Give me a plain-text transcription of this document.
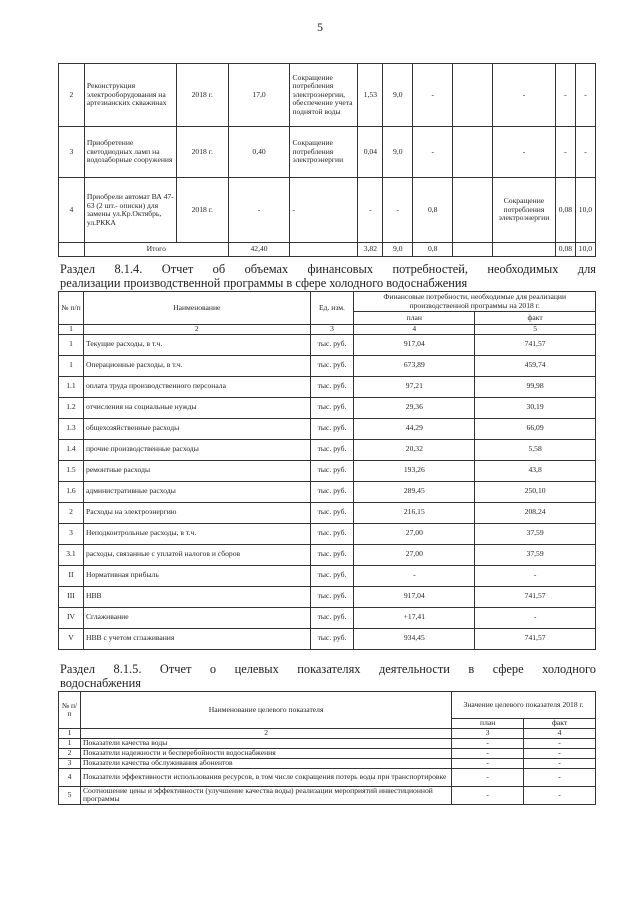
5
2	Реконструкция электрооборудования на артезианских скважинах	2018 г.	17,0	Сокращение потребления электроэнергии, обеспечение учета поднятой воды	1,53	9,0	-		-	-	-
3	Приобретение светодиодных ламп на водозаборные сооружения	2018 г.	0,40	Сокращение потребления электроэнергии	0,04	9,0	-		-	-	-
4	Приобрели автомат ВА 47-63 (2 шт.- описки) для замены ул.Кр.Октябрь, ул.РККА	2018 г.	-	-	-	-	0,8		Сокращение потребления электроэнергии	0,08	10,0
	Итого		42,40		3,82	9,0	0,8			0,08	10,0
Раздел 8.1.4. Отчет об объемах финансовых потребностей, необходимых для
реализации производственной программы в сфере холодного водоснабжения
№ п/п	Наименование	Ед. изм.	Финансовые потребности, необходимые для реализации производственной программы на 2018 г.	
			план	факт
1	2	3	4	5
1	Текущие расходы, в т.ч.	тыс. руб.	917,04	741,57
1	Операционные расходы, в т.ч.	тыс. руб.	673,89	459,74
1.1	оплата труда производственного персонала	тыс. руб.	97,21	99,98
1.2	отчисления на социальные нужды	тыс. руб.	29,36	30,19
1.3	общехозяйственные расходы	тыс. руб.	44,29	66,09
1.4	прочие производственные расходы	тыс. руб.	20,32	5,58
1.5	ремонтные расходы	тыс. руб.	193,26	43,8
1.6	административные расходы	тыс. руб.	289,45	250,10
2	Расходы на электроэнергию	тыс. руб.	216,15	208,24
3	Неподконтрольные расходы, в т.ч.	тыс. руб.	27,00	37,59
3.1	расходы, связанные с уплатой налогов и сборов	тыс. руб.	27,00	37,59
II	Нормативная прибыль	тыс. руб.	-	-
III	НВВ	тыс. руб.	917,04	741,57
IV	Сглаживание	тыс. руб.	+17,41	-
V	НВВ с учетом сглаживания	тыс. руб.	934,45	741,57
Раздел 8.1.5. Отчет о целевых показателях деятельности в сфере холодного
водоснабжения
№ п/п	Наименование целевого показателя	Значение целевого показателя 2018 г.	
		план	факт
1	2	3	4
1	Показатели качества воды	-	-
2	Показатели надежности и бесперебойности водоснабжения	-	-
3	Показатели качества обслуживания абонентов	-	-
4	Показатели эффективности использования ресурсов, в том числе сокращения потерь воды при транспортировке	-	-
5	Соотношение цены и эффективности (улучшение качества воды) реализации мероприятий инвестиционной программы	-	-
